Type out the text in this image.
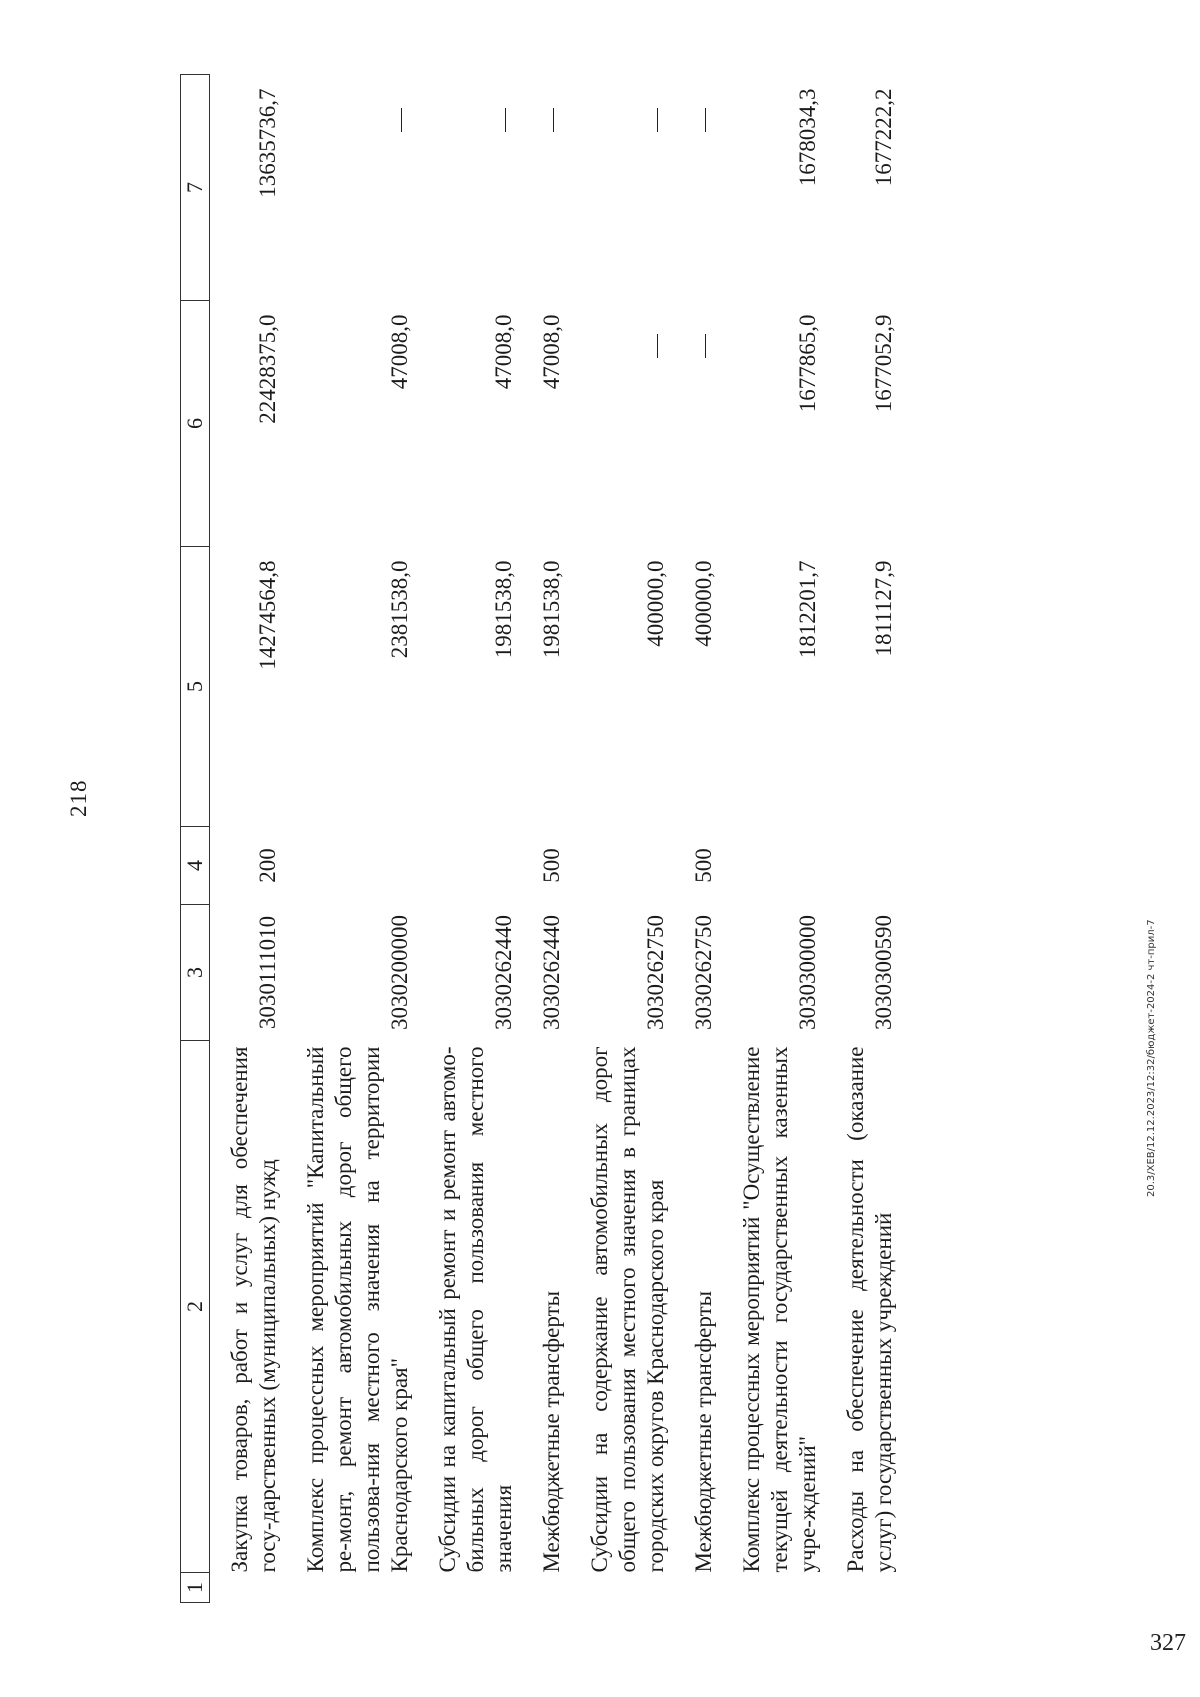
218
1	2	3	4	5	6	7
	Закупка товаров, работ и услуг для обеспечения госу-дарственных (муниципальных) нужд	3030111010	200	14274564,8	22428375,0	13635736,7
	Комплекс процессных мероприятий "Капитальный ре-монт, ремонт автомобильных дорог общего пользова-ния местного значения на территории Краснодарского края"	3030200000		2381538,0	47008,0	
	Субсидии на капитальный ремонт и ремонт автомо-бильных дорог общего пользования местного значения	3030262440		1981538,0	47008,0	
	Межбюджетные трансферты	3030262440	500	1981538,0	47008,0	
	Субсидии на содержание автомобильных дорог общего пользования местного значения в границах городских округов Краснодарского края	3030262750		400000,0		
	Межбюджетные трансферты	3030262750	500	400000,0		
	Комплекс процессных мероприятий "Осуществление текущей деятельности государственных казенных учре-ждений"	3030300000		1812201,7	1677865,0	1678034,3
	Расходы на обеспечение деятельности (оказание услуг) государственных учреждений	3030300590		1811127,9	1677052,9	1677222,2
20.3/ХЕВ/12.12.2023/12:32/бюджет-2024-2 чт-прил-7
327
